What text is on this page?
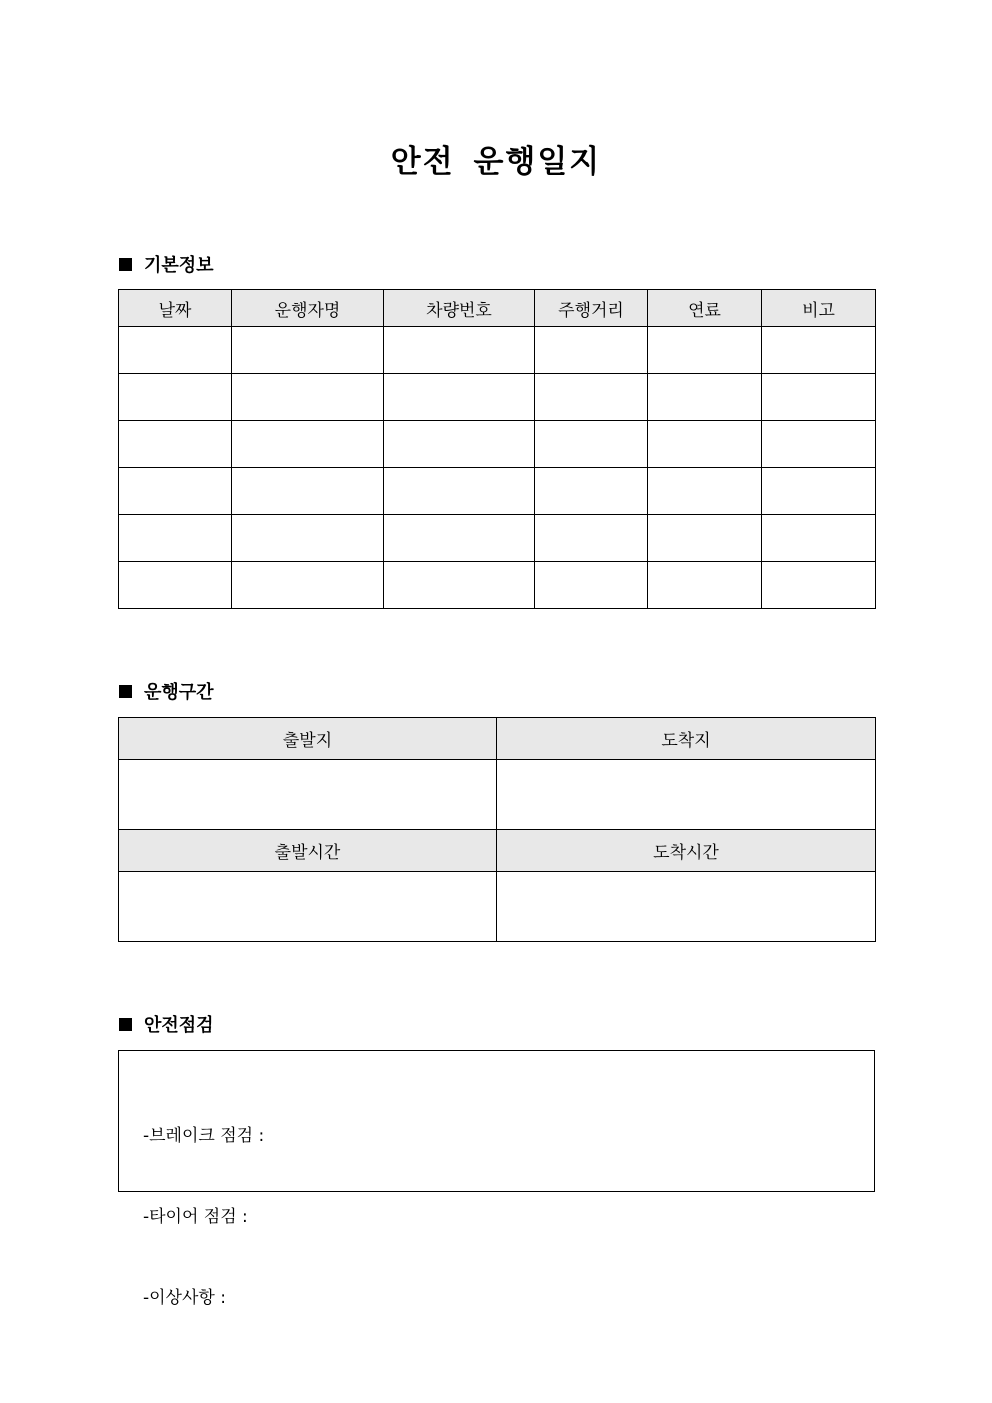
안전 운행일지
기본정보
날짜	운행자명	차량번호	주행거리	연료	비고

운행구간
출발지	도착지

출발시간	도착시간

안전점검

-브레이크 점검 :

-타이어 점검 :

-이상사항 :
